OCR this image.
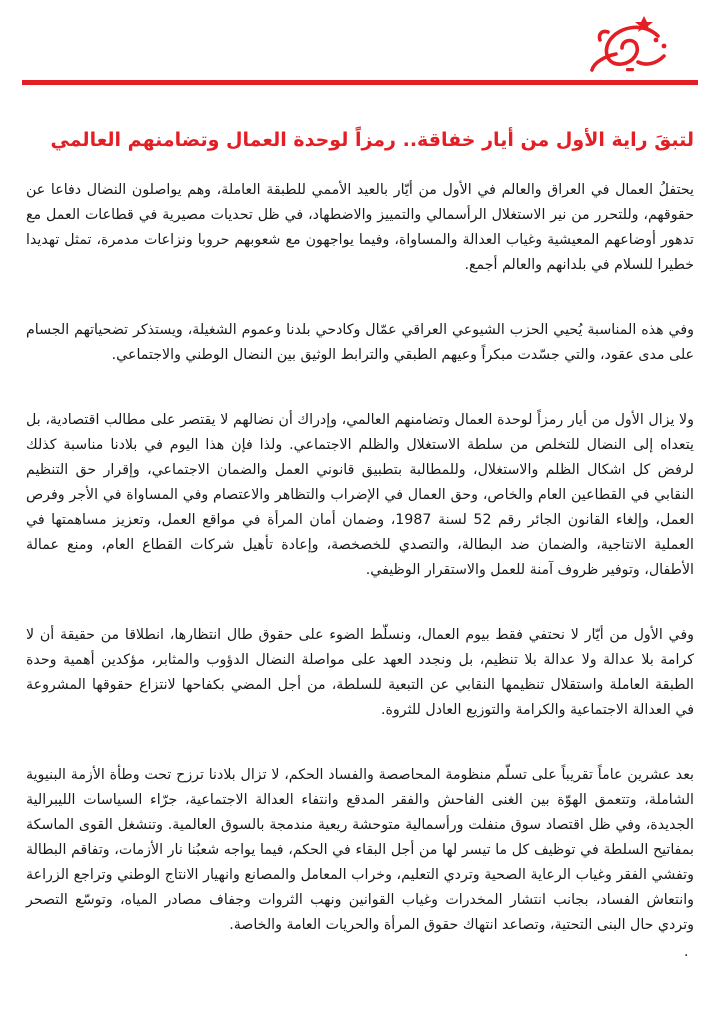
لتبقَ راية الأول من أيار خفاقة.. رمزاً لوحدة العمال وتضامنهم العالمي

يحتفلُ العمال في العراق والعالم في الأول من أيّار بالعيد الأممي للطبقة العاملة، وهم يواصلون النضال دفاعا عن حقوقهم، وللتحرر من نير الاستغلال الرأسمالي والتمييز والاضطهاد، في ظل تحديات مصيرية في قطاعات العمل مع تدهور أوضاعهم المعيشية وغياب العدالة والمساواة، وفيما يواجهون مع شعوبهم حروبا ونزاعات مدمرة، تمثل تهديدا خطيرا للسلام في بلدانهم والعالم أجمع.

وفي هذه المناسبة يُحيي الحزب الشيوعي العراقي عمّال وكادحي بلدنا وعموم الشغيلة، ويستذكر تضحياتهم الجسام على مدى عقود، والتي جسّدت مبكراً وعيهم الطبقي والترابط الوثيق بين النضال الوطني والاجتماعي.

ولا يزال الأول من أيار رمزاً لوحدة العمال وتضامنهم العالمي، وإدراك أن نضالهم لا يقتصر على مطالب اقتصادية، بل يتعداه إلى النضال للتخلص من سلطة الاستغلال والظلم الاجتماعي. ولذا فإن هذا اليوم في بلادنا مناسبة كذلك لرفض كل اشكال الظلم والاستغلال، وللمطالبة بتطبيق قانوني العمل والضمان الاجتماعي، وإقرار حق التنظيم النقابي في القطاعين العام والخاص، وحق العمال في الإضراب والتظاهر والاعتصام وفي المساواة في الأجر وفرص العمل، وإلغاء القانون الجائر رقم 52 لسنة 1987، وضمان أمان المرأة في مواقع العمل، وتعزيز مساهمتها في العملية الانتاجية، والضمان ضد البطالة، والتصدي للخصخصة، وإعادة تأهيل شركات القطاع العام، ومنع عمالة الأطفال، وتوفير ظروف آمنة للعمل والاستقرار الوظيفي.

وفي الأول من أيّار لا نحتفي فقط بيوم العمال، ونسلّط الضوء على حقوق طال انتظارها، انطلاقا من حقيقة أن لا كرامة بلا عدالة ولا عدالة بلا تنظيم، بل ونجدد العهد على مواصلة النضال الدؤوب والمثابر، مؤكدين أهمية وحدة الطبقة العاملة واستقلال تنظيمها النقابي عن التبعية للسلطة، من أجل المضي بكفاحها لانتزاع حقوقها المشروعة في العدالة الاجتماعية والكرامة والتوزيع العادل للثروة.

بعد عشرين عاماً تقريباً على تسلّم منظومة المحاصصة والفساد الحكم، لا تزال بلادنا ترزح تحت وطأة الأزمة البنيوية الشاملة، وتتعمق الهوّة بين الغنى الفاحش والفقر المدقع وانتفاء العدالة الاجتماعية، جرّاء السياسات الليبرالية الجديدة، وفي ظل اقتصاد سوق منفلت ورأسمالية متوحشة ريعية مندمجة بالسوق العالمية. وتنشغل القوى الماسكة بمفاتيح السلطة في توظيف كل ما تيسر لها من أجل البقاء في الحكم، فيما يواجه شعبُنا نار الأزمات، وتفاقم البطالة وتفشي الفقر وغياب الرعاية الصحية وتردي التعليم، وخراب المعامل والمصانع وانهيار الانتاج الوطني وتراجع الزراعة وانتعاش الفساد، بجانب انتشار المخدرات وغياب القوانين ونهب الثروات وجفاف مصادر المياه، وتوسّع التصحر وتردي حال البنى التحتية، وتصاعد انتهاك حقوق المرأة والحريات العامة والخاصة.

.
